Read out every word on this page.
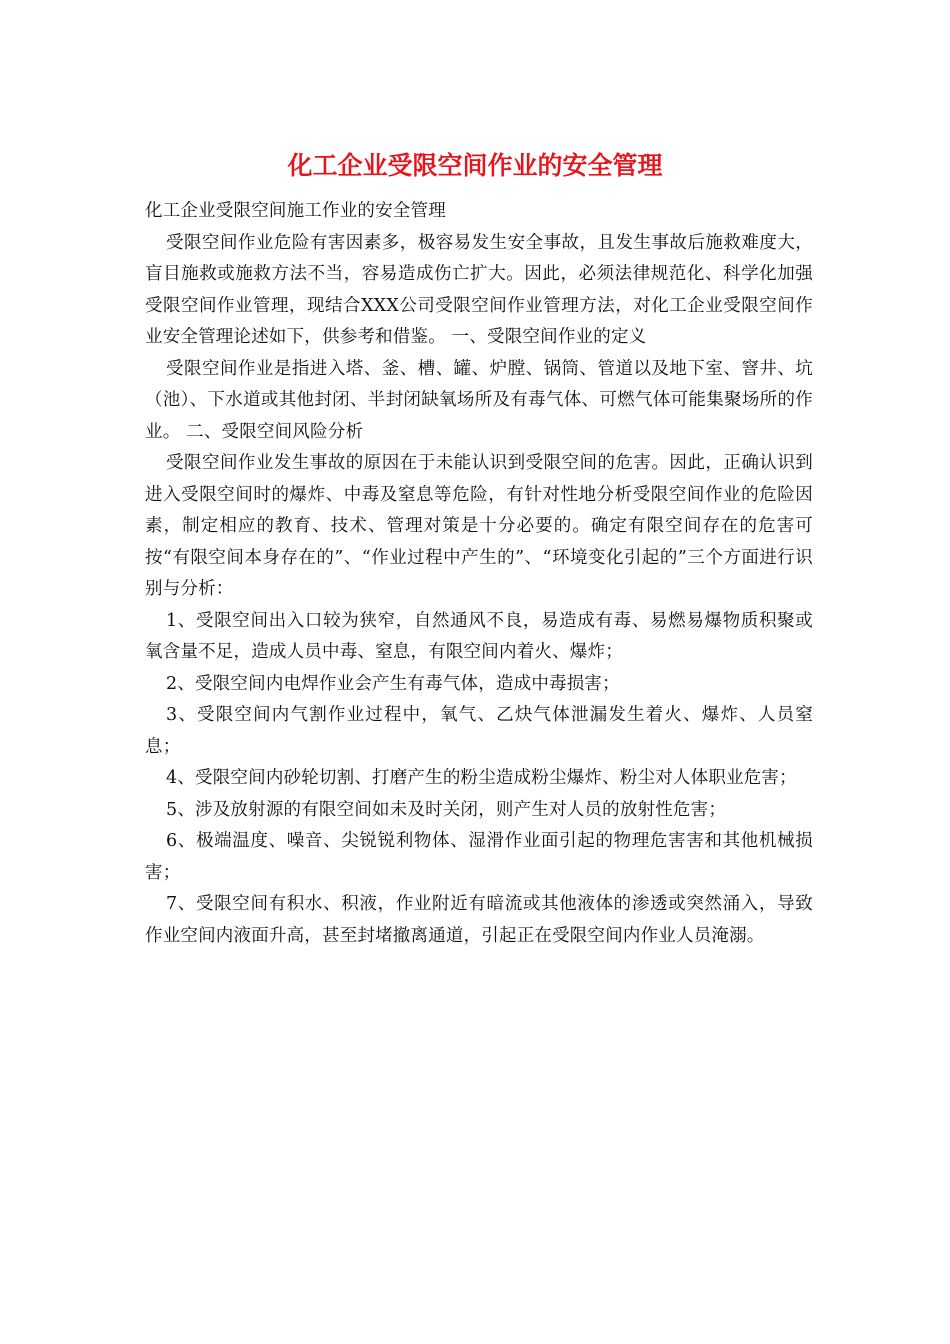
化工企业受限空间作业的安全管理

化工企业受限空间施工作业的安全管理

受限空间作业危险有害因素多，极容易发生安全事故，且发生事故后施救难度大，盲目施救或施救方法不当，容易造成伤亡扩大。因此，必须法律规范化、科学化加强受限空间作业管理，现结合XXX公司受限空间作业管理方法，对化工企业受限空间作业安全管理论述如下，供参考和借鉴。 一、受限空间作业的定义

受限空间作业是指进入塔、釜、槽、罐、炉膛、锅筒、管道以及地下室、窨井、坑（池）、下水道或其他封闭、半封闭缺氧场所及有毒气体、可燃气体可能集聚场所的作业。 二、受限空间风险分析

受限空间作业发生事故的原因在于未能认识到受限空间的危害。因此，正确认识到进入受限空间时的爆炸、中毒及窒息等危险，有针对性地分析受限空间作业的危险因素，制定相应的教育、技术、管理对策是十分必要的。确定有限空间存在的危害可按“有限空间本身存在的”、“作业过程中产生的”、“环境变化引起的”三个方面进行识别与分析：

1、受限空间出入口较为狭窄，自然通风不良，易造成有毒、易燃易爆物质积聚或氧含量不足，造成人员中毒、窒息，有限空间内着火、爆炸；

2、受限空间内电焊作业会产生有毒气体，造成中毒损害；

3、受限空间内气割作业过程中，氧气、乙炔气体泄漏发生着火、爆炸、人员窒息；

4、受限空间内砂轮切割、打磨产生的粉尘造成粉尘爆炸、粉尘对人体职业危害；

5、涉及放射源的有限空间如未及时关闭，则产生对人员的放射性危害；

6、极端温度、噪音、尖锐锐利物体、湿滑作业面引起的物理危害害和其他机械损害；

7、受限空间有积水、积液，作业附近有暗流或其他液体的渗透或突然涌入，导致作业空间内液面升高，甚至封堵撤离通道，引起正在受限空间内作业人员淹溺。
